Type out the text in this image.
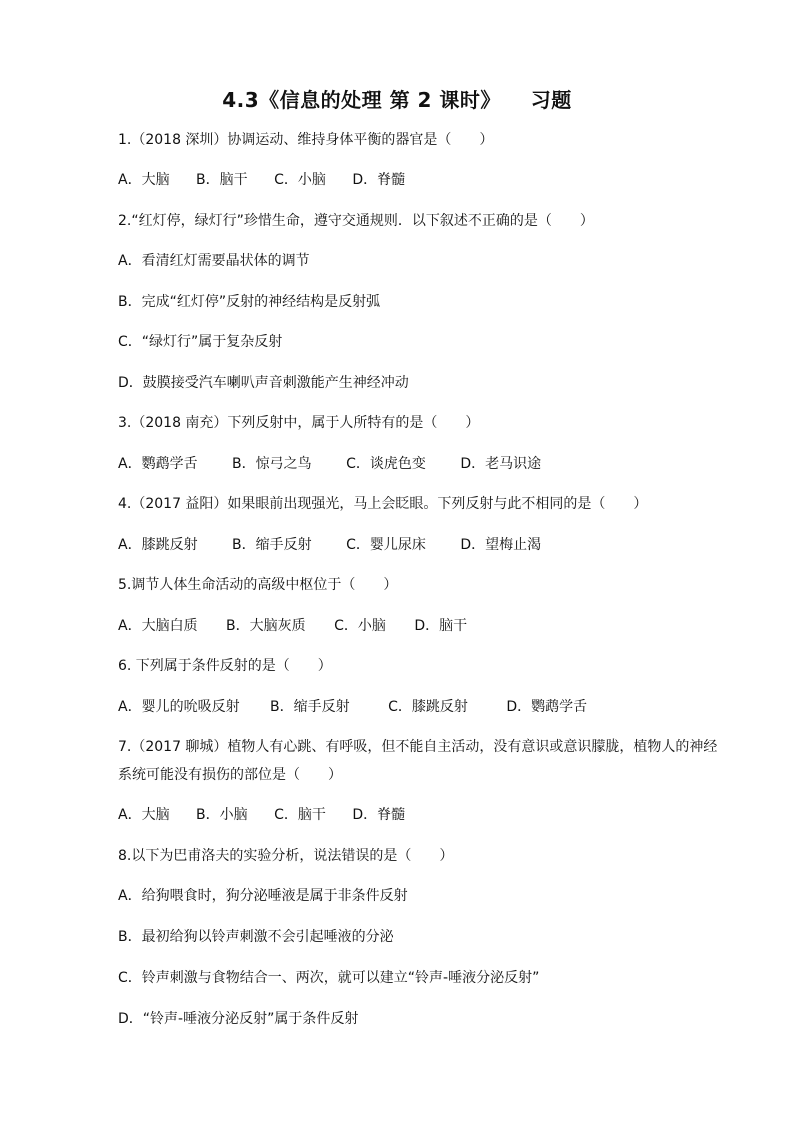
4.3《信息的处理 第 2 课时》    习题
1.（2018 深圳）协调运动、维持身体平衡的器官是（　　）
A．大脑 B．脑干 C．小脑 D．脊髓
2.“红灯停，绿灯行”珍惜生命，遵守交通规则．以下叙述不正确的是（　　）
A．看清红灯需要晶状体的调节
B．完成“红灯停”反射的神经结构是反射弧
C．“绿灯行”属于复杂反射
D．鼓膜接受汽车喇叭声音刺激能产生神经冲动
3.（2018 南充）下列反射中，属于人所特有的是（　　）
A．鹦鹉学舌 B．惊弓之鸟 C．谈虎色变 D．老马识途
4.（2017 益阳）如果眼前出现强光，马上会眨眼。下列反射与此不相同的是（　　）
A．膝跳反射 B．缩手反射 C．婴儿尿床 D．望梅止渴
5.调节人体生命活动的高级中枢位于（　　）
A．大脑白质 B．大脑灰质 C．小脑 D．脑干
6. 下列属于条件反射的是（　　）
A．婴儿的吮吸反射 B．缩手反射	C．膝跳反射	D．鹦鹉学舌
7.（2017 聊城）植物人有心跳、有呼吸，但不能自主活动，没有意识或意识朦胧，植物人的神经
系统可能没有损伤的部位是（　　）
A．大脑 B．小脑 C．脑干 D．脊髓
8.以下为巴甫洛夫的实验分析，说法错误的是（　　）
A．给狗喂食时，狗分泌唾液是属于非条件反射
B．最初给狗以铃声刺激不会引起唾液的分泌
C．铃声刺激与食物结合一、两次，就可以建立“铃声-唾液分泌反射”
D．“铃声-唾液分泌反射”属于条件反射
